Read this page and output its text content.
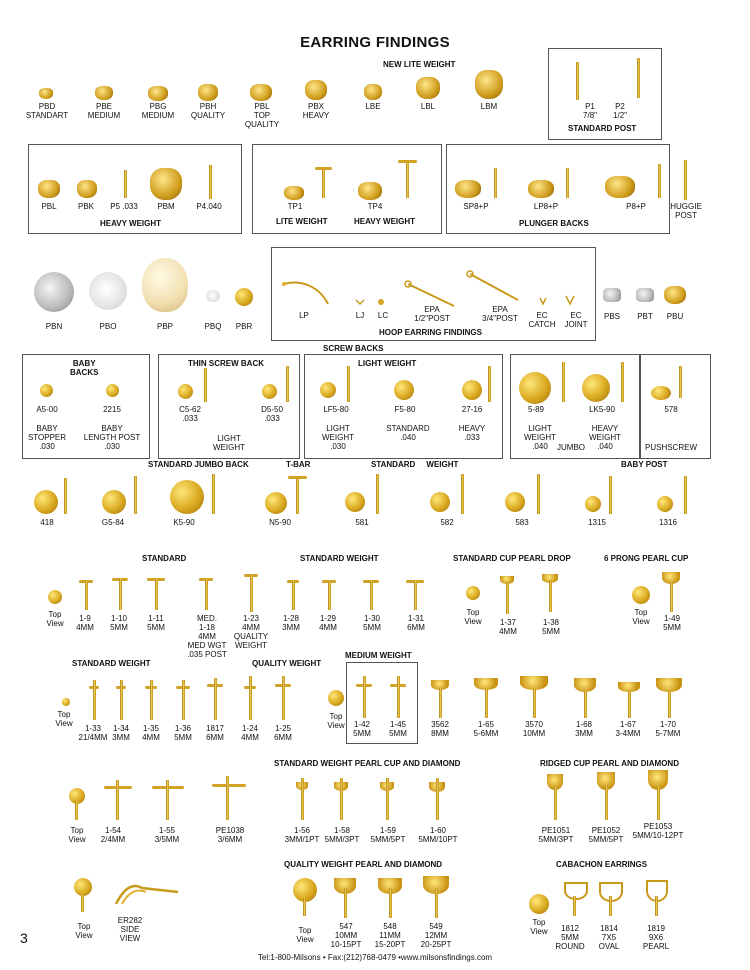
EARRING FINDINGS
NEW LITE WEIGHT
STANDARD POST
PBD
STANDART
PBE
MEDIUM
PBG
MEDIUM
PBH
QUALITY
PBL
TOP
QUALITY
PBX
HEAVY
LBE	LBL	LBM	P1
7/8"
P2
1/2"
HEAVY WEIGHT	LITE WEIGHT	HEAVY WEIGHT	PLUNGER BACKS
PBL	PBK P5 .033 PBM	P4.040	TP1	TP4	SP8+P	LP8+P	P8+P	HUGGIE
POST
PBN	PBO	PBP	PBQ PBR
HOOP EARRING FINDINGS
LP	LJ LC
EPA
1/2"POST
EPA
3/4"POST	EC
CATCH
EC
JOINT
PBS PBT PBU
SCREW BACKS
BABY
BACKS
THIN SCREW BACK	LIGHT WEIGHT
A5-00
BABY
STOPPER
.030
2215
BABY
LENGTH POST
.030
C5-62
.033
D5-50
.033
LIGHT
WEIGHT
LF5-80	F5-80	27-16
LIGHT
WEIGHT
.030
STANDARD
.040
HEAVY
.033
5-89	LK5-90
LIGHT
WEIGHT
.040	JUMBO
HEAVY
WEIGHT
.040
578
PUSHSCREW
STANDARD JUMBO BACK	T-BAR	STANDARD     WEIGHT	BABY POST
418	G5-84	K5-90	N5-90	581	582	583	1315	1316
STANDARD	STANDARD WEIGHT	STANDARD CUP PEARL DROP	6 PRONG PEARL CUP
Top
View
1-9
4MM
1-10
5MM
1-11
5MM
MED.
1-18
4MM
MED WGT
.035 POST
1-23
4MM
QUALITY
WEIGHT
1-28
3MM
1-29
4MM
1-30
5MM
1-31
6MM
Top
View 1-37
4MM
1-38
5MM
Top
View 1-49
5MM
STANDARD WEIGHT	QUALITY WEIGHT
MEDIUM WEIGHT
Top
View
1-33
21/4MM
1-34
3MM
1-35
4MM
1-36
5MM
1817
6MM
1-24
4MM
1-25
6MM
Top
View 1-42
5MM
1-45
5MM
3562
8MM
1-65
5-6MM
3570
10MM
1-68
3MM
1-67
3-4MM
1-70
5-7MM
STANDARD WEIGHT PEARL CUP AND DIAMOND	RIDGED CUP PEARL AND DIAMOND
Top
View
1-54
2/4MM
1-55
3/5MM
PE1038
3/6MM
1-56
3MM/1PT
1-58
5MM/3PT
1-59
5MM/5PT
1-60
5MM/10PT
PE1051
5MM/3PT
PE1052
5MM/5PT
PE1053
5MM/10-12PT
QUALITY WEIGHT PEARL AND DIAMOND	CABACHON EARRINGS
Top
View
ER282
SIDE
VIEW
Top
View
547
10MM
10-15PT
548
11MM
15-20PT
549
12MM
20-25PT
Top
View	1812
5MM
ROUND
1814
7X5
OVAL
1819
9X6
PEARL
3
Tel:1-800-Milsons • Fax:(212)768-0479 •www.milsonsfindings.com
